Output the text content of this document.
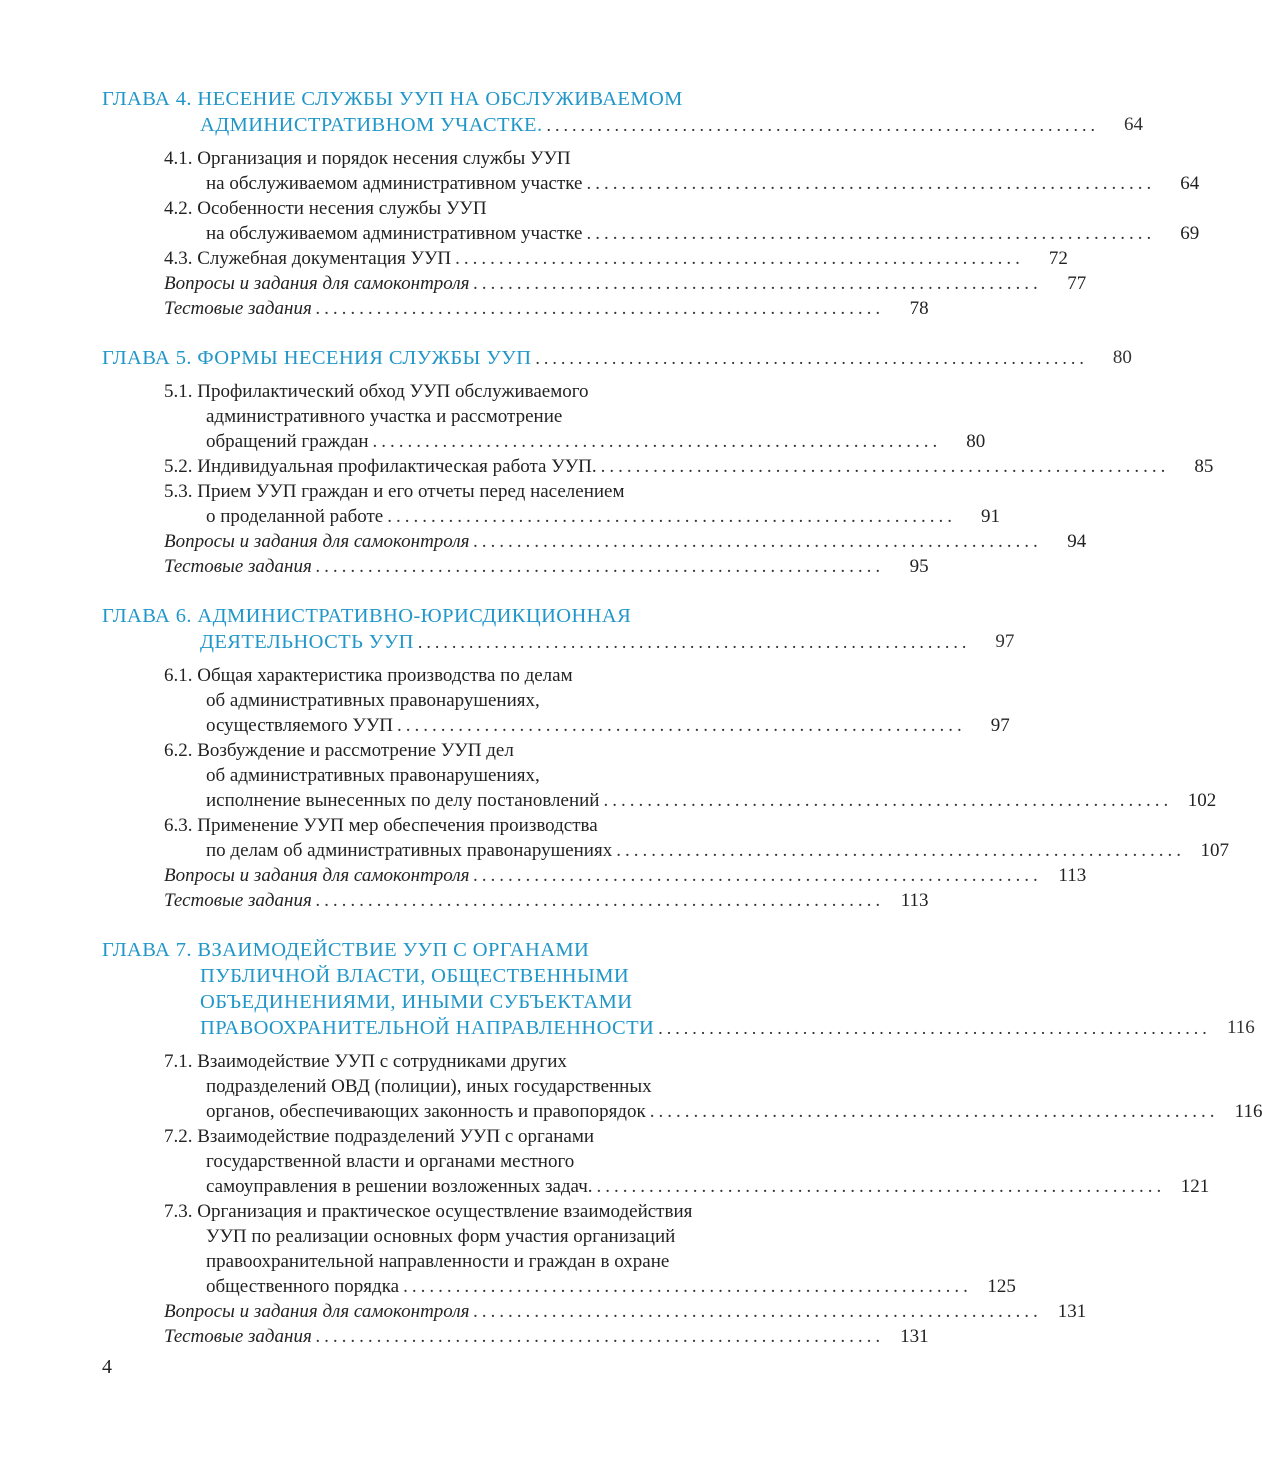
ГЛАВА 4. НЕСЕНИЕ СЛУЖБЫ УУП НА ОБСЛУЖИВАЕМОМ
АДМИНИСТРАТИВНОМ УЧАСТКЕ. .................................................................	64
4.1. Организация и порядок несения службы УУП
на обслуживаемом административном участке .................................................................	64
4.2. Особенности несения службы УУП
на обслуживаемом административном участке .................................................................	69
4.3. Служебная документация УУП .................................................................	72
Вопросы и задания для самоконтроля .................................................................	77
Тестовые задания .................................................................	78
ГЛАВА 5. ФОРМЫ НЕСЕНИЯ СЛУЖБЫ УУП .................................................................	80
5.1. Профилактический обход УУП обслуживаемого
административного участка и рассмотрение
обращений граждан .................................................................	80
5.2. Индивидуальная профилактическая работа УУП. .................................................................	85
5.3. Прием УУП граждан и его отчеты перед населением
о проделанной работе .................................................................	91
Вопросы и задания для самоконтроля .................................................................	94
Тестовые задания .................................................................	95
ГЛАВА 6. АДМИНИСТРАТИВНО-ЮРИСДИКЦИОННАЯ
ДЕЯТЕЛЬНОСТЬ УУП .................................................................	97
6.1. Общая характеристика производства по делам
об административных правонарушениях,
осуществляемого УУП .................................................................	97
6.2. Возбуждение и рассмотрение УУП дел
об административных правонарушениях,
исполнение вынесенных по делу постановлений ................................................................. 102
6.3. Применение УУП мер обеспечения производства
по делам об административных правонарушениях ................................................................. 107
Вопросы и задания для самоконтроля ................................................................. 113
Тестовые задания ................................................................. 113
ГЛАВА 7. ВЗАИМОДЕЙСТВИЕ УУП С ОРГАНАМИ
ПУБЛИЧНОЙ ВЛАСТИ, ОБЩЕСТВЕННЫМИ
ОБЪЕДИНЕНИЯМИ, ИНЫМИ СУБЪЕКТАМИ
ПРАВООХРАНИТЕЛЬНОЙ НАПРАВЛЕННОСТИ ................................................................. 116
7.1. Взаимодействие УУП с сотрудниками других
подразделений ОВД (полиции), иных государственных
органов, обеспечивающих законность и правопорядок ................................................................. 116
7.2. Взаимодействие подразделений УУП с органами
государственной власти и органами местного
самоуправления в решении возложенных задач. ................................................................. 121
7.3. Организация и практическое осуществление взаимодействия
УУП по реализации основных форм участия организаций
правоохранительной направленности и граждан в охране
общественного порядка ................................................................. 125
Вопросы и задания для самоконтроля ................................................................. 131
Тестовые задания ................................................................. 131
4
